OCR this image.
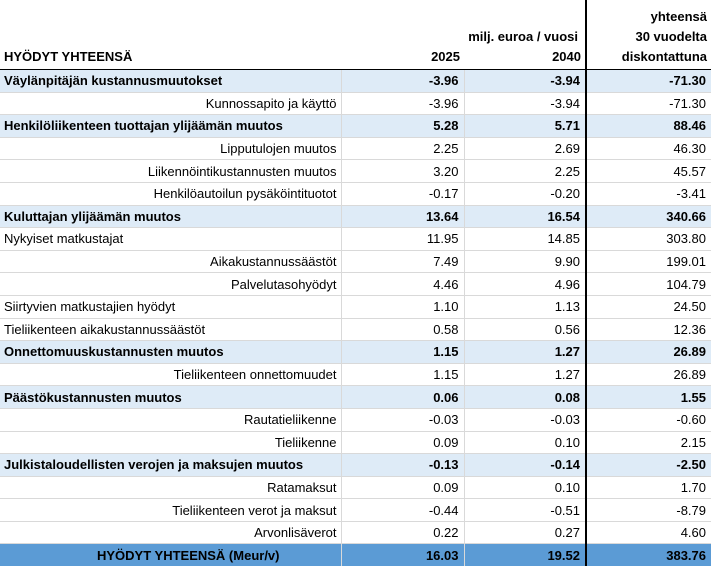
HYÖDYT YHTEENSÄ	milj. euroa / vuosi
2025	2040	yhteensä
30 vuodelta
diskontattuna

Väylänpitäjän kustannusmuutokset	-3.96	-3.94	-71.30
Kunnossapito ja käyttö	-3.96	-3.94	-71.30
Henkilöliikenteen tuottajan ylijäämän muutos	5.28	5.71	88.46
Lipputulojen muutos	2.25	2.69	46.30
Liikennöintikustannusten muutos	3.20	2.25	45.57
Henkilöautoilun pysäköintituotot	-0.17	-0.20	-3.41
Kuluttajan ylijäämän muutos	13.64	16.54	340.66
Nykyiset matkustajat	11.95	14.85	303.80
Aikakustannussäästöt	7.49	9.90	199.01
Palvelutasohyödyt	4.46	4.96	104.79
Siirtyvien matkustajien hyödyt	1.10	1.13	24.50
Tieliikenteen aikakustannussäästöt	0.58	0.56	12.36
Onnettomuuskustannusten muutos	1.15	1.27	26.89
Tieliikenteen onnettomuudet	1.15	1.27	26.89
Päästökustannusten muutos	0.06	0.08	1.55
Rautatieliikenne	-0.03	-0.03	-0.60
Tieliikenne	0.09	0.10	2.15
Julkistaloudellisten verojen ja maksujen muutos	-0.13	-0.14	-2.50
Ratamaksut	0.09	0.10	1.70
Tieliikenteen verot ja maksut	-0.44	-0.51	-8.79
Arvonlisäverot	0.22	0.27	4.60
HYÖDYT YHTEENSÄ (Meur/v)	16.03	19.52	383.76
